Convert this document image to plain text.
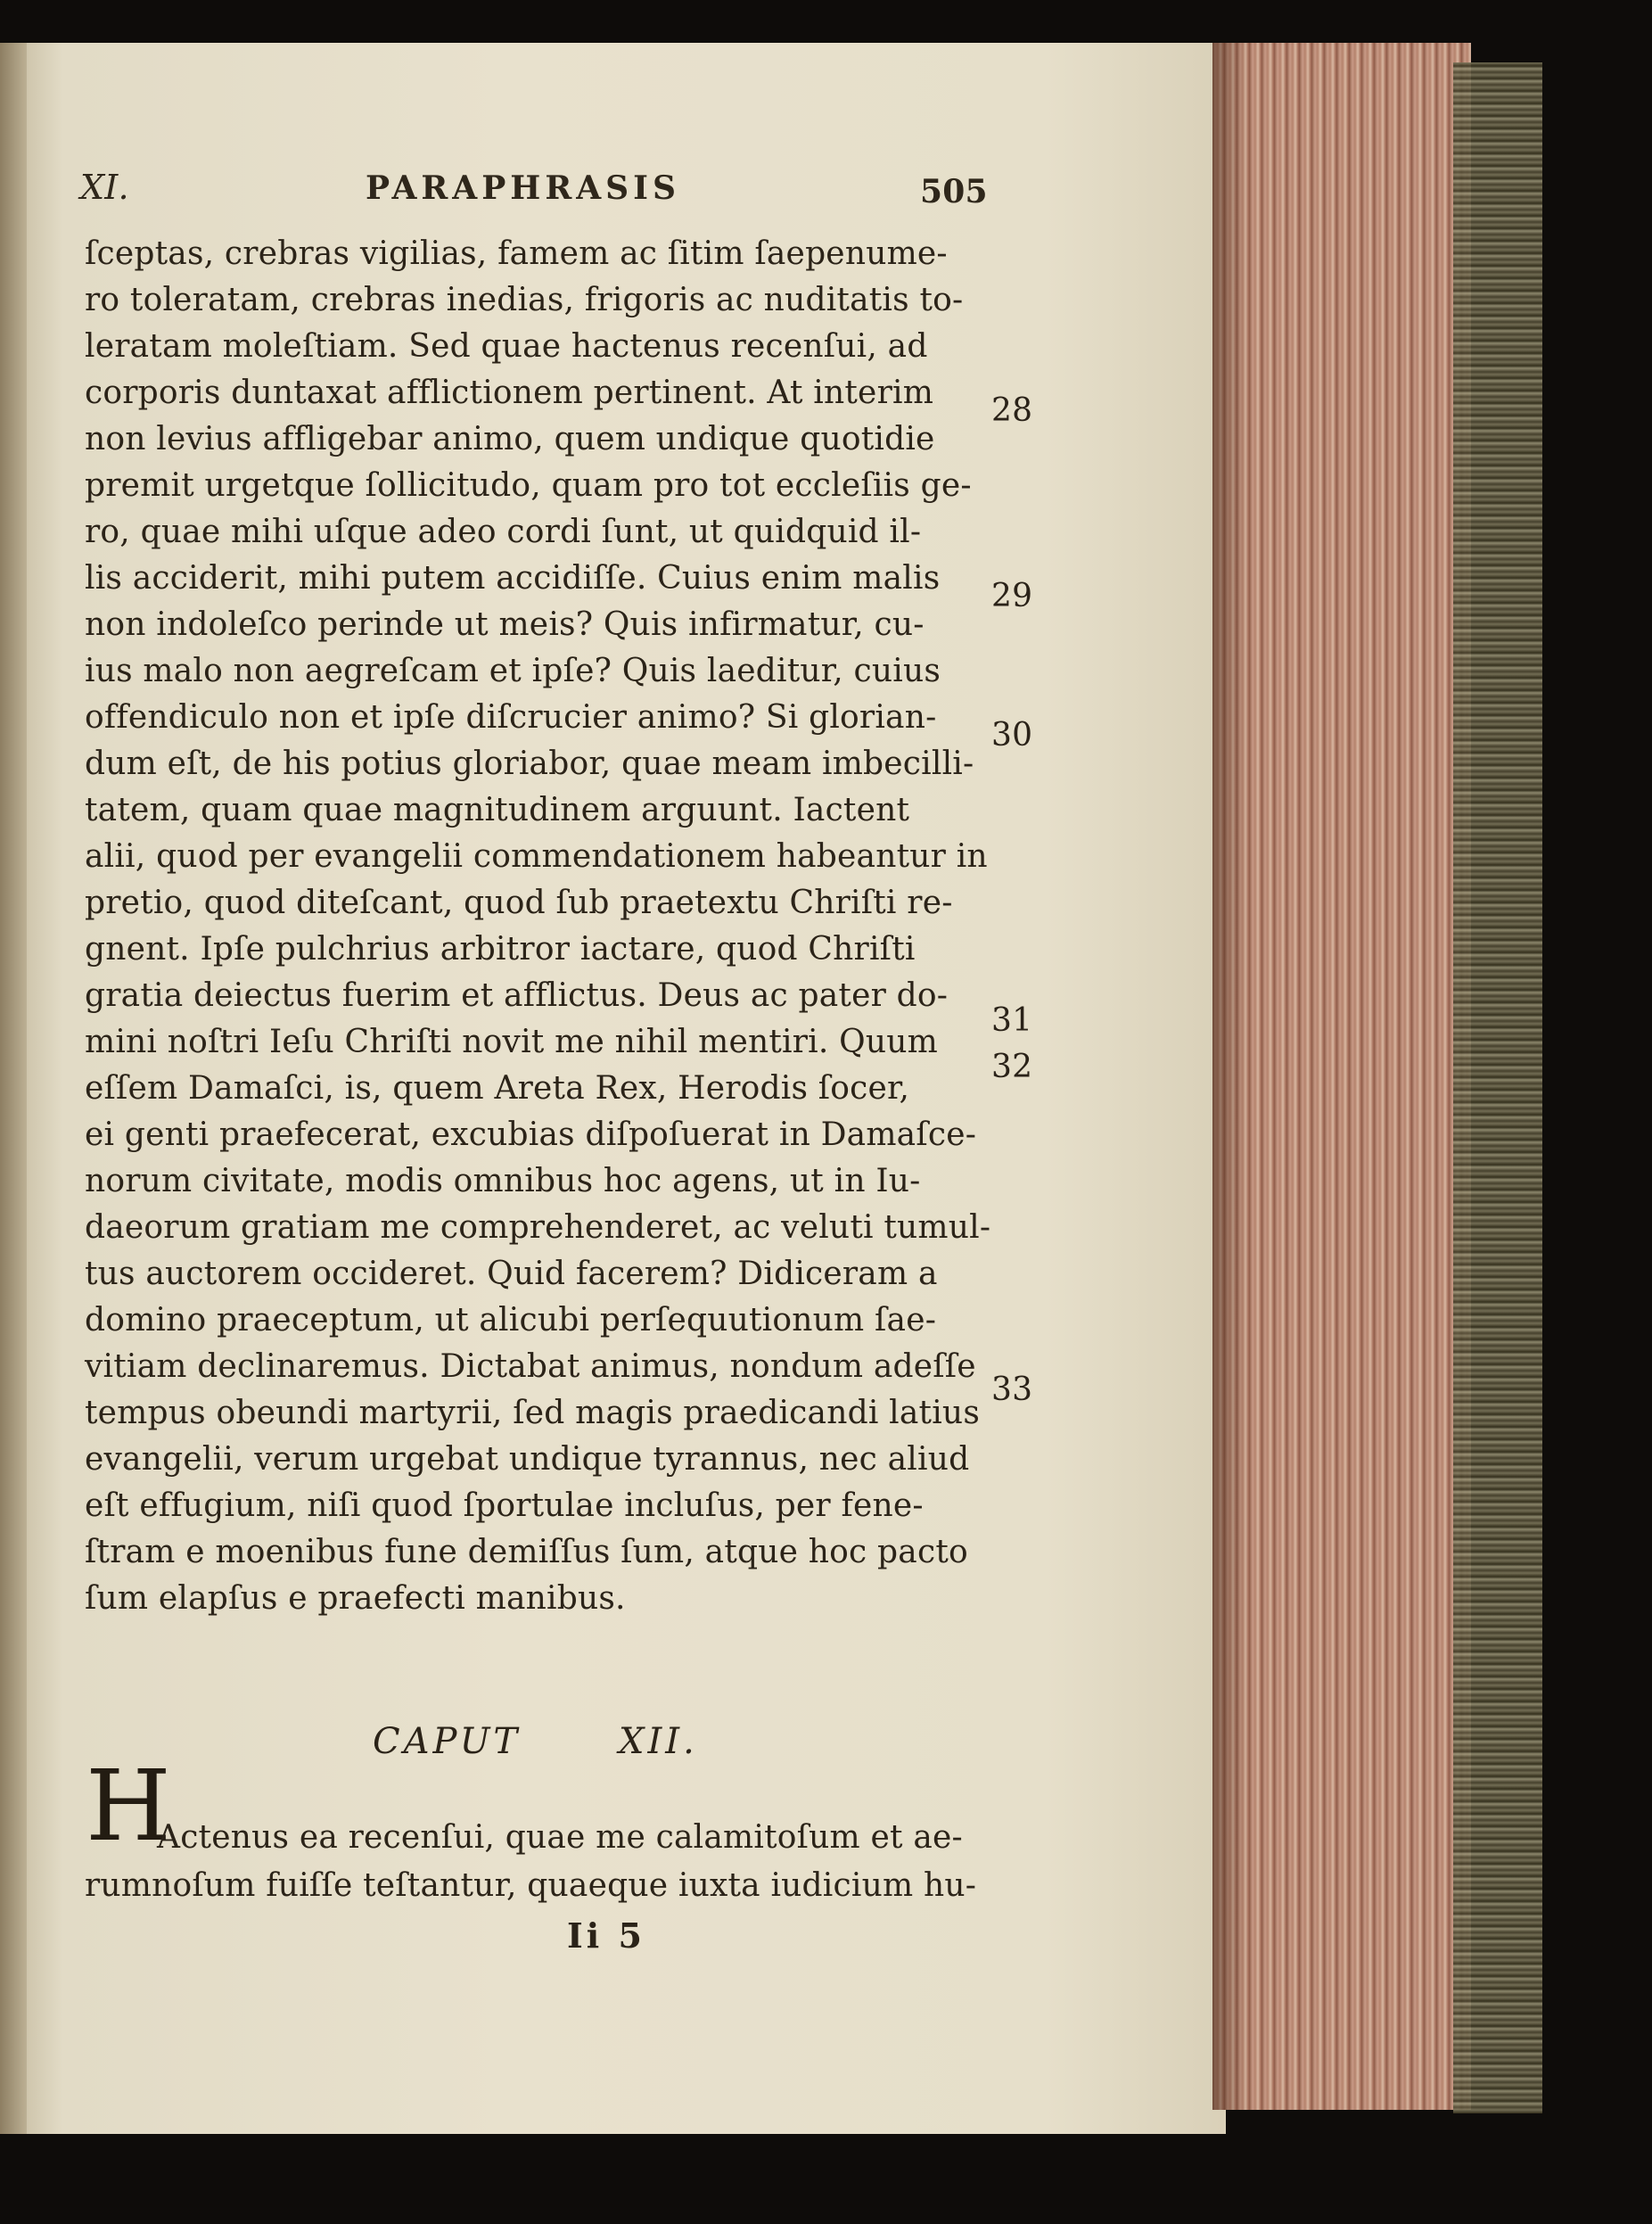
XI.	PARAPHRASIS	505

ſceptas, crebras vigilias, famem ac ſitim ſaepenume-

ro toleratam, crebras inedias, frigoris ac nuditatis to-

leratam moleſtiam. Sed quae hactenus recenſui, ad

corporis duntaxat afflictionem pertinent. At interim

non levius affligebar animo, quem undique quotidie

premit urgetque ſollicitudo, quam pro tot eccleſiis ge-

ro, quae mihi uſque adeo cordi ſunt, ut quidquid il-

lis acciderit, mihi putem accidiſſe. Cuius enim malis

non indoleſco perinde ut meis? Quis infirmatur, cu-

ius malo non aegreſcam et ipſe? Quis laeditur, cuius

offendiculo non et ipſe diſcrucier animo? Si glorian-

dum eſt, de his potius gloriabor, quae meam imbecilli-

tatem, quam quae magnitudinem arguunt. Iactent

alii, quod per evangelii commendationem habeantur in

pretio, quod diteſcant, quod ſub praetextu Chriſti re-

gnent. Ipſe pulchrius arbitror iactare, quod Chriſti

gratia deiectus fuerim et afflictus. Deus ac pater do-

mini noſtri Ieſu Chriſti novit me nihil mentiri. Quum

eſſem Damaſci, is, quem Areta Rex, Herodis ſocer,

ei genti praefecerat, excubias diſpoſuerat in Damaſce-

norum civitate, modis omnibus hoc agens, ut in Iu-

daeorum gratiam me comprehenderet, ac veluti tumul-

tus auctorem occideret. Quid facerem? Didiceram a

domino praeceptum, ut alicubi perſequutionum ſae-

vitiam declinaremus. Dictabat animus, nondum adeſſe

tempus obeundi martyrii, ſed magis praedicandi latius

evangelii, verum urgebat undique tyrannus, nec aliud

eſt effugium, niſi quod ſportulae incluſus, per fene-

ſtram e moenibus fune demiſſus ſum, atque hoc pacto

ſum elapſus e praefecti manibus.

28

29

30

31

32

33

CAPUT	XII.

H

Actenus ea recenſui, quae me calamitoſum et ae-

rumnoſum fuiſſe teſtantur, quaeque iuxta iudicium hu-

Ii 5
